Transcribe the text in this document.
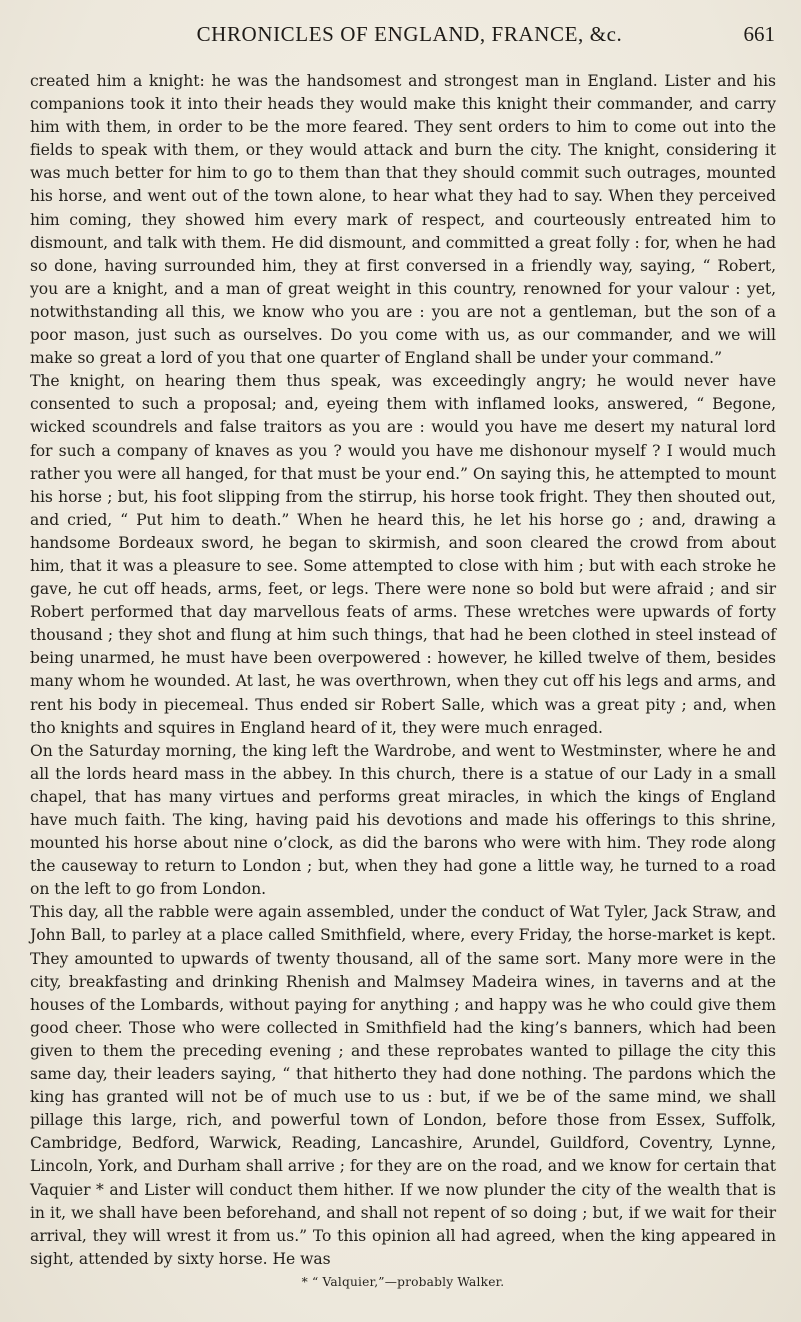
CHRONICLES OF ENGLAND, FRANCE, &c.	661

created him a knight: he was the handsomest and strongest man in England. Lister and his companions took it into their heads they would make this knight their commander, and carry him with them, in order to be the more feared. They sent orders to him to come out into the fields to speak with them, or they would attack and burn the city. The knight, considering it was much better for him to go to them than that they should commit such outrages, mounted his horse, and went out of the town alone, to hear what they had to say. When they perceived him coming, they showed him every mark of respect, and courteously entreated him to dismount, and talk with them. He did dismount, and committed a great folly : for, when he had so done, having surrounded him, they at first conversed in a friendly way, saying, “ Robert, you are a knight, and a man of great weight in this country, renowned for your valour : yet, notwithstanding all this, we know who you are : you are not a gentleman, but the son of a poor mason, just such as ourselves. Do you come with us, as our commander, and we will make so great a lord of you that one quarter of England shall be under your command.”

The knight, on hearing them thus speak, was exceedingly angry; he would never have consented to such a proposal; and, eyeing them with inflamed looks, answered, “ Begone, wicked scoundrels and false traitors as you are : would you have me desert my natural lord for such a company of knaves as you ? would you have me dishonour myself ? I would much rather you were all hanged, for that must be your end.” On saying this, he attempted to mount his horse ; but, his foot slipping from the stirrup, his horse took fright. They then shouted out, and cried, “ Put him to death.” When he heard this, he let his horse go ; and, drawing a handsome Bordeaux sword, he began to skirmish, and soon cleared the crowd from about him, that it was a pleasure to see. Some attempted to close with him ; but with each stroke he gave, he cut off heads, arms, feet, or legs. There were none so bold but were afraid ; and sir Robert performed that day marvellous feats of arms. These wretches were upwards of forty thousand ; they shot and flung at him such things, that had he been clothed in steel instead of being unarmed, he must have been overpowered : however, he killed twelve of them, besides many whom he wounded. At last, he was overthrown, when they cut off his legs and arms, and rent his body in piecemeal. Thus ended sir Robert Salle, which was a great pity ; and, when tho knights and squires in England heard of it, they were much enraged.

On the Saturday morning, the king left the Wardrobe, and went to Westminster, where he and all the lords heard mass in the abbey. In this church, there is a statue of our Lady in a small chapel, that has many virtues and performs great miracles, in which the kings of England have much faith. The king, having paid his devotions and made his offerings to this shrine, mounted his horse about nine o’clock, as did the barons who were with him. They rode along the causeway to return to London ; but, when they had gone a little way, he turned to a road on the left to go from London.

This day, all the rabble were again assembled, under the conduct of Wat Tyler, Jack Straw, and John Ball, to parley at a place called Smithfield, where, every Friday, the horse-market is kept. They amounted to upwards of twenty thousand, all of the same sort. Many more were in the city, breakfasting and drinking Rhenish and Malmsey Madeira wines, in taverns and at the houses of the Lombards, without paying for anything ; and happy was he who could give them good cheer. Those who were collected in Smithfield had the king’s banners, which had been given to them the preceding evening ; and these reprobates wanted to pillage the city this same day, their leaders saying, “ that hitherto they had done nothing. The pardons which the king has granted will not be of much use to us : but, if we be of the same mind, we shall pillage this large, rich, and powerful town of London, before those from Essex, Suffolk, Cambridge, Bedford, Warwick, Reading, Lancashire, Arundel, Guildford, Coventry, Lynne, Lincoln, York, and Durham shall arrive ; for they are on the road, and we know for certain that Vaquier * and Lister will conduct them hither. If we now plunder the city of the wealth that is in it, we shall have been beforehand, and shall not repent of so doing ; but, if we wait for their arrival, they will wrest it from us.” To this opinion all had agreed, when the king appeared in sight, attended by sixty horse. He was

* “ Valquier,”—probably Walker.
